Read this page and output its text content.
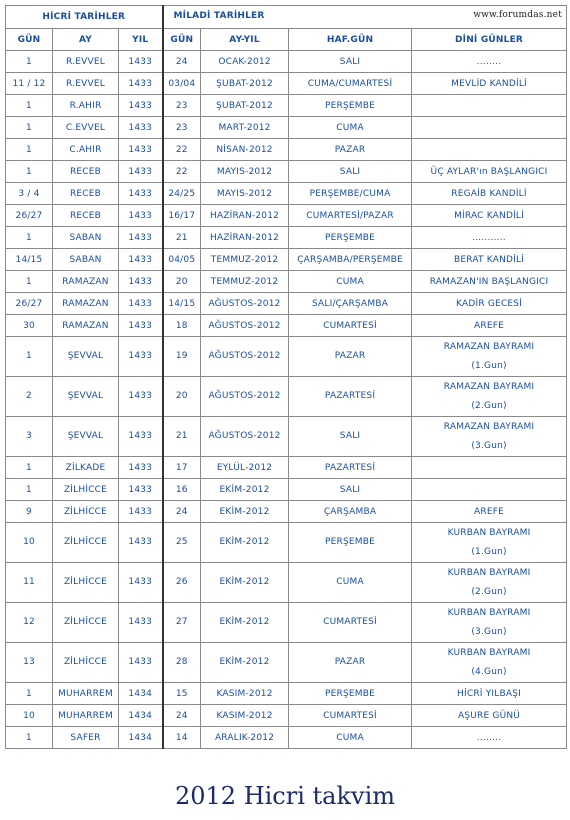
HİCRİ TARİHLER			MİLADİ TARİHLER www.forumdas.net			

GÜN	AY	YIL	GÜN	AY-YIL	HAF.GÜN	DİNİ GÜNLER
1	R.EVVEL	1433	24	OCAK-2012	SALI	........

11 / 12	R.EVVEL	1433	03/04	ŞUBAT-2012	CUMA/CUMARTESİ	MEVLİD KANDİLİ

1	R.AHIR	1433	23	ŞUBAT-2012	PERŞEMBE	

1	C.EVVEL	1433	23	MART-2012	CUMA	

1	C.AHIR	1433	22	NİSAN-2012	PAZAR	

1	RECEB	1433	22	MAYIS-2012	SALI	ÜÇ AYLAR'ın BAŞLANGICI

3 / 4	RECEB	1433	24/25	MAYIS-2012	PERŞEMBE/CUMA	REGAİB KANDİLİ

26/27	RECEB	1433	16/17	HAZİRAN-2012	CUMARTESİ/PAZAR	MİRAC KANDİLİ

1	SABAN	1433	21	HAZİRAN-2012	PERŞEMBE	...........

14/15	SABAN	1433	04/05	TEMMUZ-2012	ÇARŞAMBA/PERŞEMBE	BERAT KANDİLİ

1	RAMAZAN	1433	20	TEMMUZ-2012	CUMA	RAMAZAN'IN BAŞLANGICI

26/27	RAMAZAN	1433	14/15	AĞUSTOS-2012	SALI/ÇARŞAMBA	KADİR GECESİ

30	RAMAZAN	1433	18	AĞUSTOS-2012	CUMARTESİ	AREFE

1	ŞEVVAL	1433	19	AĞUSTOS-2012	PAZAR	RAMAZAN BAYRAMI
(1.Gun)

2	ŞEVVAL	1433	20	AĞUSTOS-2012	PAZARTESİ	RAMAZAN BAYRAMI
(2.Gun)

3	ŞEVVAL	1433	21	AĞUSTOS-2012	SALI	RAMAZAN BAYRAMI
(3.Gun)

1	ZİLKADE	1433	17	EYLÜL-2012	PAZARTESİ	

1	ZİLHİCCE	1433	16	EKİM-2012	SALI	

9	ZİLHİCCE	1433	24	EKİM-2012	ÇARŞAMBA	AREFE

10	ZİLHİCCE	1433	25	EKİM-2012	PERŞEMBE	KURBAN BAYRAMI
(1.Gun)

11	ZİLHİCCE	1433	26	EKİM-2012	CUMA	KURBAN BAYRAMI
(2.Gun)

12	ZİLHİCCE	1433	27	EKİM-2012	CUMARTESİ	KURBAN BAYRAMI
(3.Gun)

13	ZİLHİCCE	1433	28	EKİM-2012	PAZAR	KURBAN BAYRAMI
(4.Gun)

1	MUHARREM	1434	15	KASIM-2012	PERŞEMBE	HİCRİ YILBAŞI

10	MUHARREM	1434	24	KASIM-2012	CUMARTESİ	AŞURE GÜNÜ

1	SAFER	1434	14	ARALIK-2012	CUMA	........
2012 Hicri takvim
